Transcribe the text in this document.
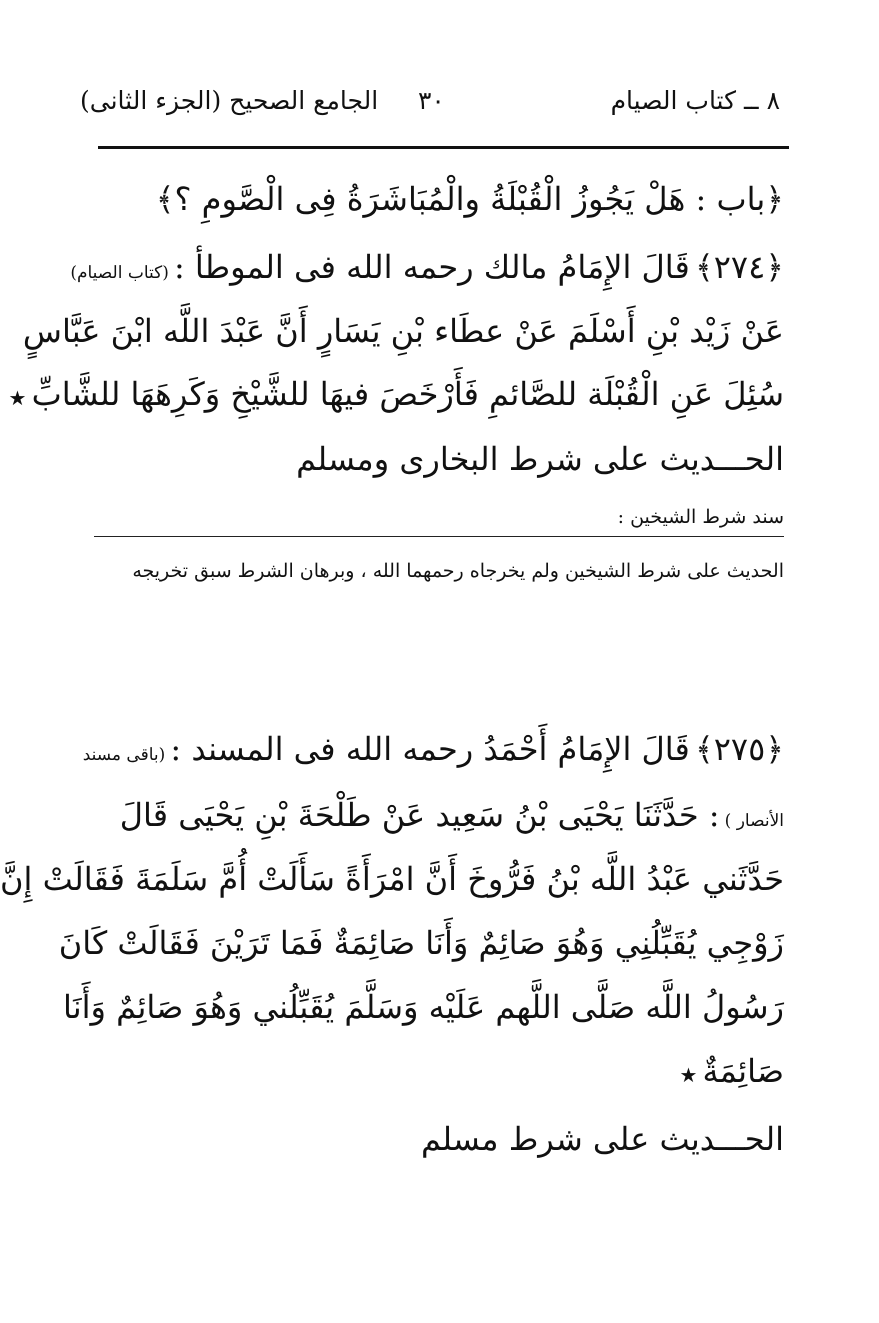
٨ ــ كتاب الصيام
٣٠
الجامع الصحيح (الجزء الثانى)
﴿باب : هَلْ يَجُوزُ الْقُبْلَةُ والْمُبَاشَرَةُ فِى الْصَّومِ ؟﴾
﴿٢٧٤﴾ قَالَ الإِمَامُ مالك رحمه الله فى الموطأ : (كتاب الصيام)
عَنْ زَيْد بْنِ أَسْلَمَ عَنْ عطَاء بْنِ يَسَارٍ أَنَّ عَبْدَ اللَّه ابْنَ عَبَّاسٍ
سُئِلَ عَنِ الْقُبْلَة للصَّائمِ فَأَرْخَصَ فيهَا للشَّيْخِ وَكَرِهَهَا للشَّابِّ ★
الحـــديث على شرط البخارى ومسلم
سند شرط الشيخين :
الحديث على شرط الشيخين ولم يخرجاه رحمهما الله ، وبرهان الشرط سبق تخريجه
﴿٢٧٥﴾ قَالَ الإِمَامُ أَحْمَدُ رحمه الله فى المسند : (باقى مسند
الأنصار ) : حَدَّثَنَا يَحْيَى بْنُ سَعِيد عَنْ طَلْحَةَ بْنِ يَحْيَى قَالَ
حَدَّثَني عَبْدُ اللَّه بْنُ فَرُّوخَ أَنَّ امْرَأَةً سَأَلَتْ أُمَّ سَلَمَةَ فَقَالَتْ إِنَّ
زَوْجِي يُقَبِّلُنِي وَهُوَ صَائِمٌ وَأَنَا صَائِمَةٌ فَمَا تَرَيْنَ فَقَالَتْ كَانَ
رَسُولُ اللَّه صَلَّى اللَّهم عَلَيْه وَسَلَّمَ يُقَبِّلُني وَهُوَ صَائِمٌ وَأَنَا
صَائِمَةٌ ★
الحـــديث على شرط مسلم
